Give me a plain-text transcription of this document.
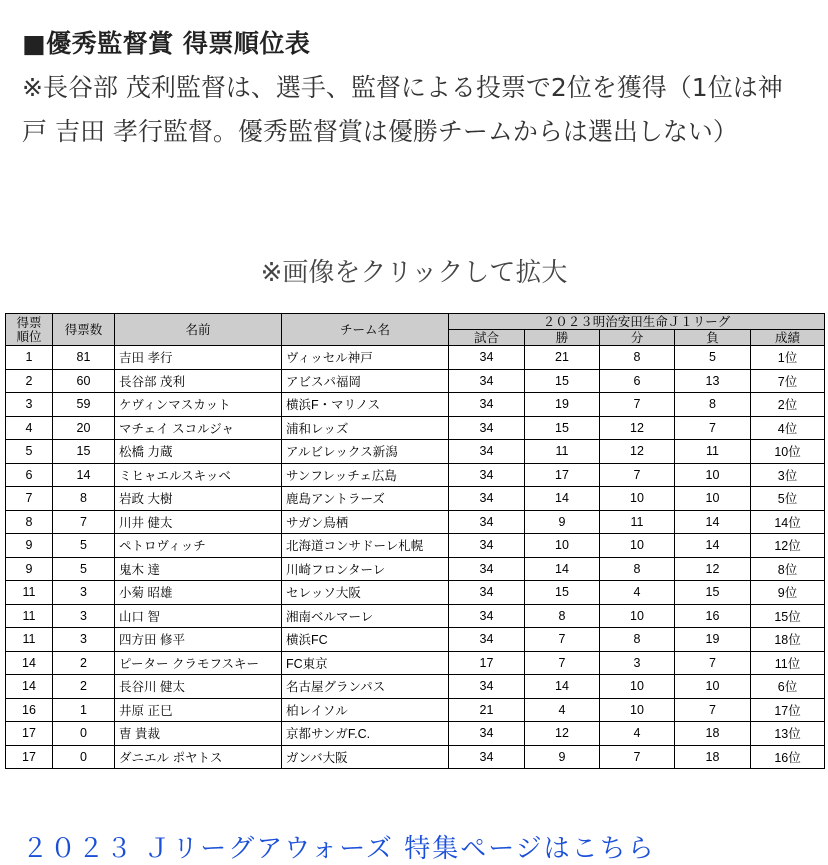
■優秀監督賞 得票順位表

※長谷部 茂利監督は、選手、監督による投票で2位を獲得（1位は神戸 吉田 孝行監督。優秀監督賞は優勝チームからは選出しない）

※画像をクリックして拡大
得票
順位	得票数	名前	チーム名	２０２３明治安田生命Ｊ１リーグ				
				試合	勝	分	負	成績
1	81	吉田 孝行	ヴィッセル神戸	34	21	8	5	1位
2	60	長谷部 茂利	アビスパ福岡	34	15	6	13	7位
3	59	ケヴィンマスカット	横浜F・マリノス	34	19	7	8	2位
4	20	マチェイ スコルジャ	浦和レッズ	34	15	12	7	4位
5	15	松橋 力蔵	アルビレックス新潟	34	11	12	11	10位
6	14	ミヒャエルスキッベ	サンフレッチェ広島	34	17	7	10	3位
7	8	岩政 大樹	鹿島アントラーズ	34	14	10	10	5位
8	7	川井 健太	サガン鳥栖	34	9	11	14	14位
9	5	ペトロヴィッチ	北海道コンサドーレ札幌	34	10	10	14	12位
9	5	鬼木 達	川崎フロンターレ	34	14	8	12	8位
11	3	小菊 昭雄	セレッソ大阪	34	15	4	15	9位
11	3	山口 智	湘南ベルマーレ	34	8	10	16	15位
11	3	四方田 修平	横浜FC	34	7	8	19	18位
14	2	ピーター クラモフスキー	FC東京	17	7	3	7	11位
14	2	長谷川 健太	名古屋グランパス	34	14	10	10	6位
16	1	井原 正巳	柏レイソル	21	4	10	7	17位
17	0	曺 貴裁	京都サンガF.C.	34	12	4	18	13位
17	0	ダニエル ポヤトス	ガンバ大阪	34	9	7	18	16位
２０２３ Ｊリーグアウォーズ 特集ページはこちら
